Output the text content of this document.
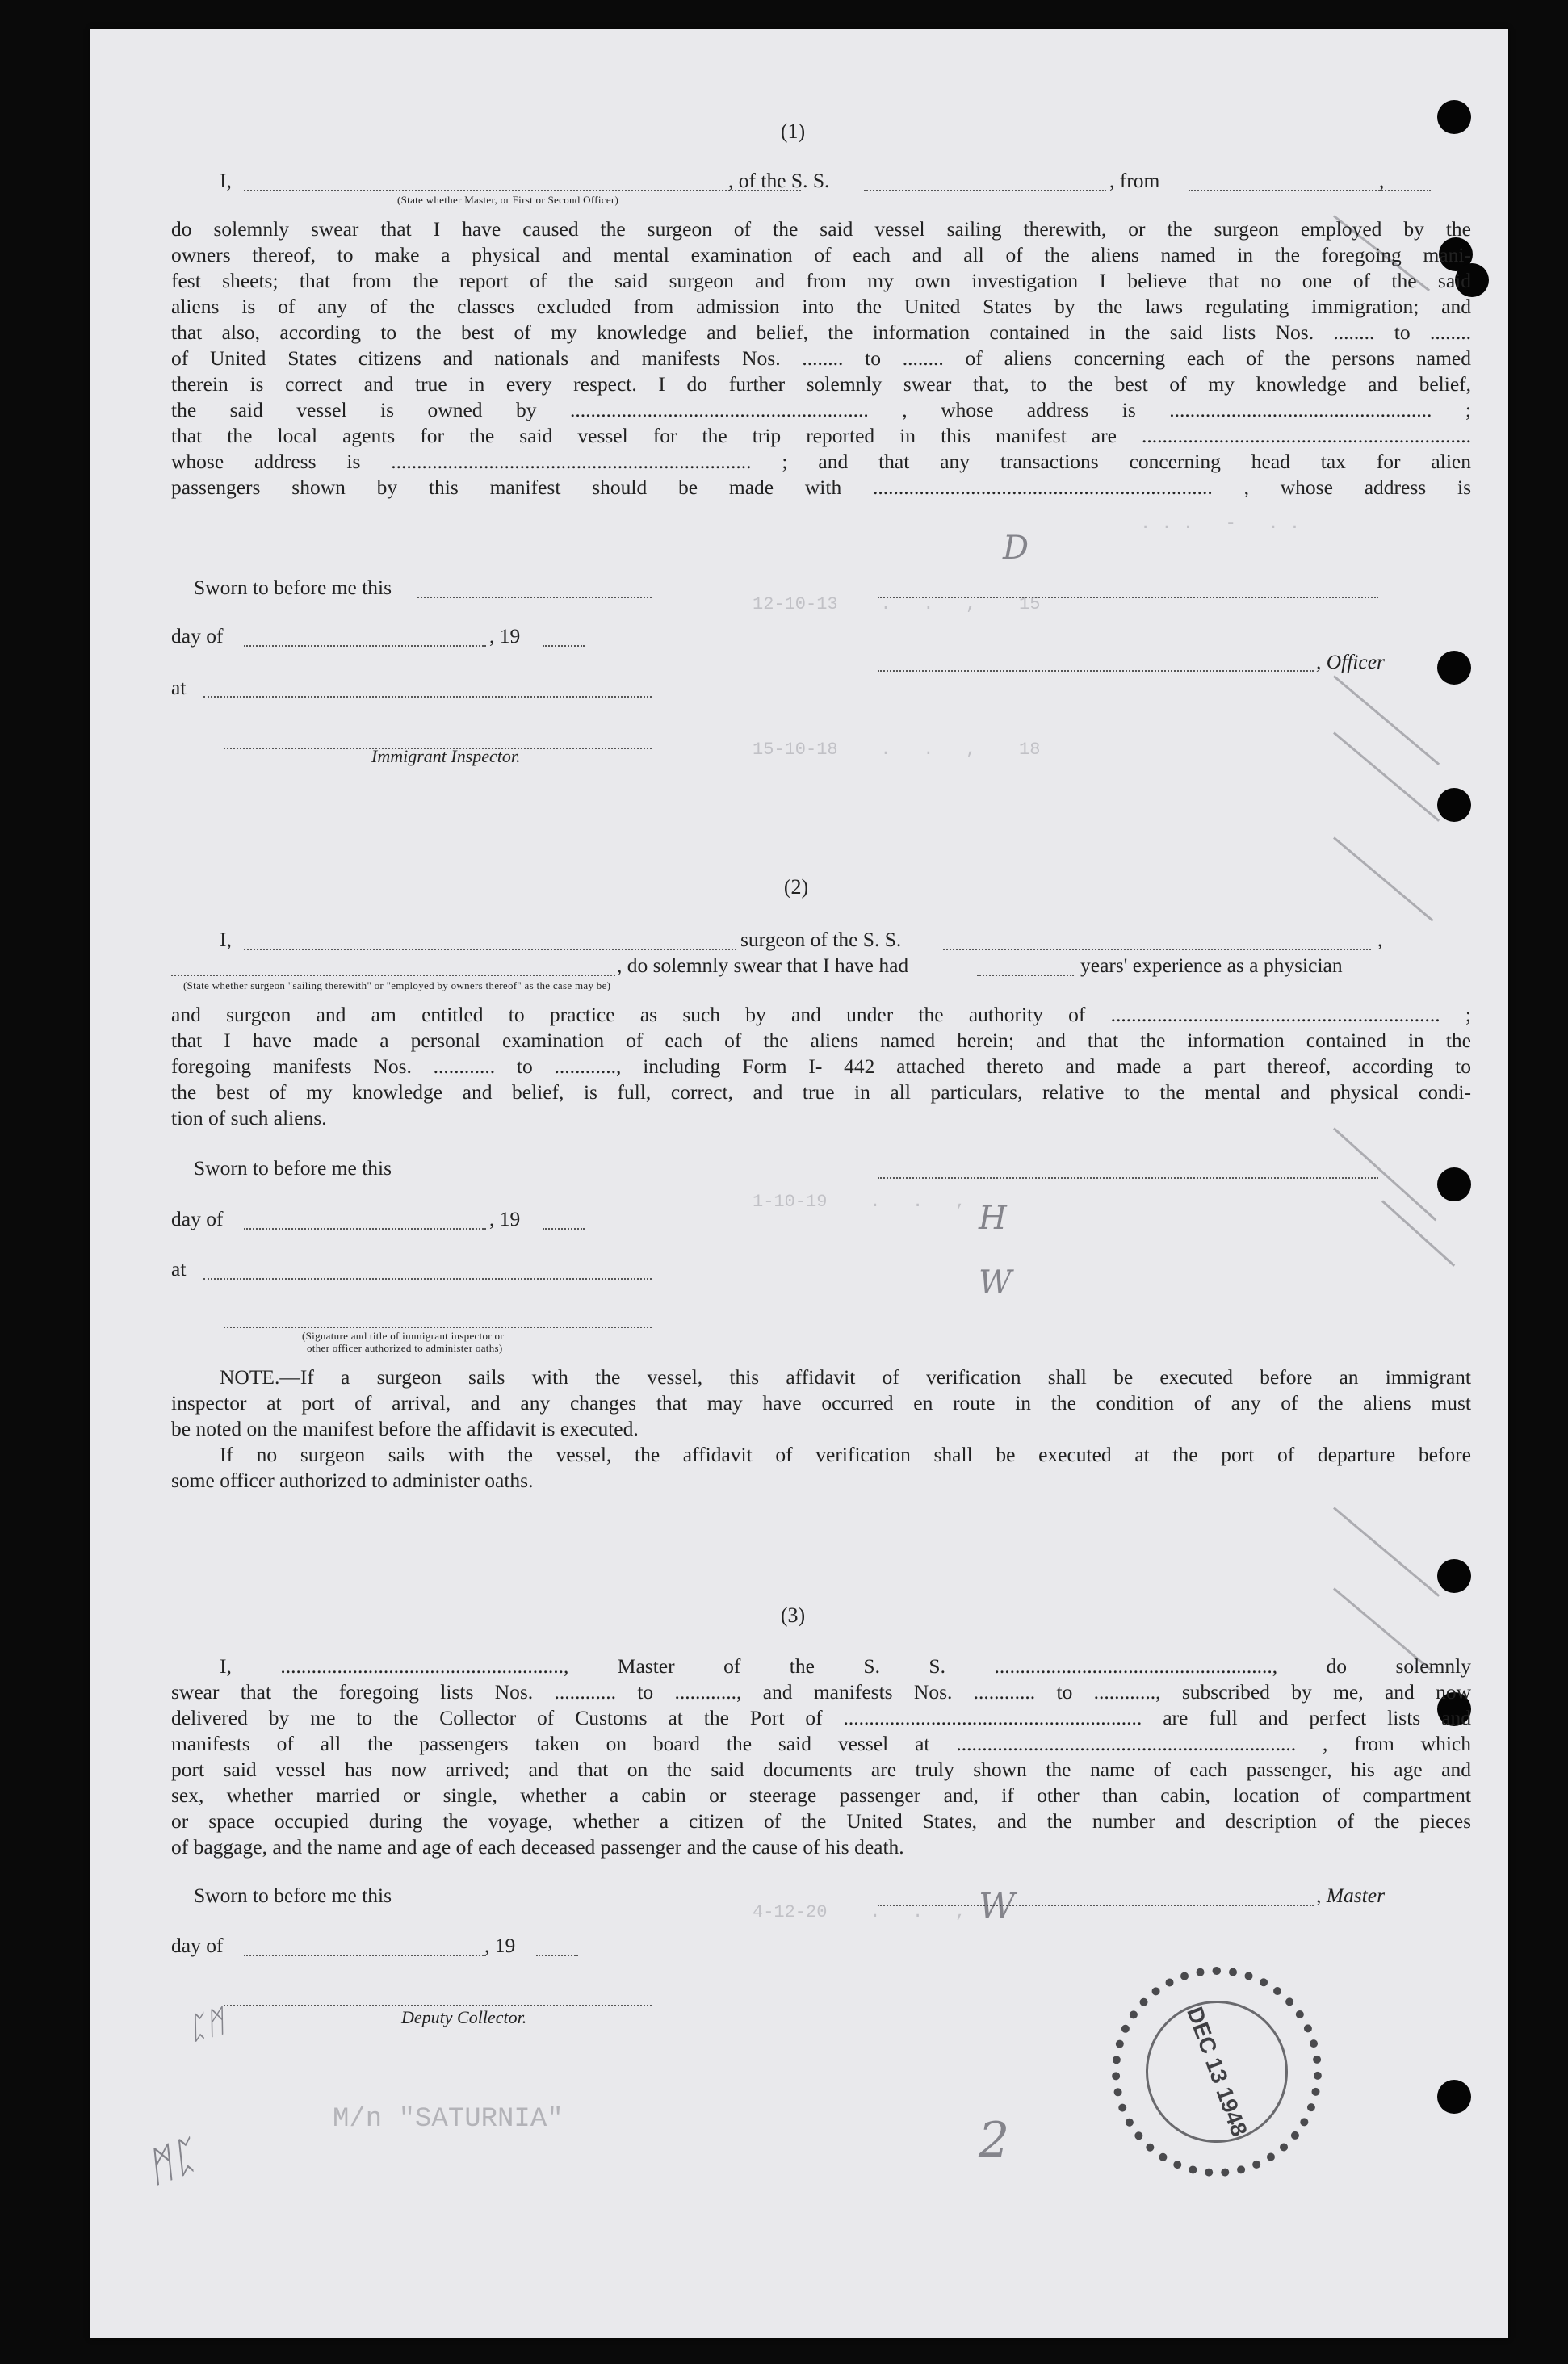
. . .   -   . .
12-10-13    .   .   ,    15
15-10-18    .   .   ,    18
1-10-19    .   .   ,
4-12-20    .   .   ,
(1)
I,	, of the S. S.	, from	,
(State whether Master, or First or Second Officer)
do solemnly swear that I have caused the surgeon of the said vessel sailing therewith, or the surgeon employed by the
owners thereof, to make a physical and mental examination of each and all of the aliens named in the foregoing mani-
fest sheets; that from the report of the said surgeon and from my own investigation I believe that no one of the said
aliens is of any of the classes excluded from admission into the United States by the laws regulating immigration; and
that also, according to the best of my knowledge and belief, the information contained in the said lists Nos. ........ to ........
of United States citizens and nationals and manifests Nos. ........ to ........ of aliens concerning each of the persons named
therein is correct and true in every respect. I do further solemnly swear that, to the best of my knowledge and belief,
the said vessel is owned by .......................................................... , whose address is ................................................... ;
that the local agents for the said vessel for the trip reported in this manifest are ................................................................
whose address is ...................................................................... ; and that any transactions concerning head tax for alien
passengers shown by this manifest should be made with .................................................................. , whose address is
Sworn to before me this
day of	, 19
, Officer
at
Immigrant Inspector.
(2)
I,	surgeon of the S. S.	,
, do solemnly swear that I have had	years' experience as a physician
(State whether surgeon "sailing therewith" or "employed by owners thereof" as the case may be)
and surgeon and am entitled to practice as such by and under the authority of ................................................................ ;
that I have made a personal examination of each of the aliens named herein; and that the information contained in the
foregoing manifests Nos. ............ to ............, including Form I- 442 attached thereto and made a part thereof, according to
the best of my knowledge and belief, is full, correct, and true in all particulars, relative to the mental and physical condi-
tion of such aliens.
Sworn to before me this
day of	, 19
at
(Signature and title of immigrant inspector or
other officer authorized to administer oaths)
NOTE.—If a surgeon sails with the vessel, this affidavit of verification shall be executed before an immigrant
inspector at port of arrival, and any changes that may have occurred en route in the condition of any of the aliens must
be noted on the manifest before the affidavit is executed.
If no surgeon sails with the vessel, the affidavit of verification shall be executed at the port of departure before
some officer authorized to administer oaths.
(3)
I, ......................................................., Master of the S. S. ......................................................, do solemnly
swear that the foregoing lists Nos. ............ to ............, and manifests Nos. ............ to ............, subscribed by me, and now
delivered by me to the Collector of Customs at the Port of .......................................................... are full and perfect lists and
manifests of all the passengers taken on board the said vessel at .................................................................. , from which
port said vessel has now arrived; and that on the said documents are truly shown the name of each passenger, his age and
sex, whether married or single, whether a cabin or steerage passenger and, if other than cabin, location of compartment
or space occupied during the voyage, whether a citizen of the United States, and the number and description of the pieces
of baggage, and the name and age of each deceased passenger and the cause of his death.
Sworn to before me this	, Master
day of	, 19
Deputy Collector.	DEC 13 1948
M/n "SATURNIA"
ᛗᛈ
ᛈᛗ
2
H
W
W
D
